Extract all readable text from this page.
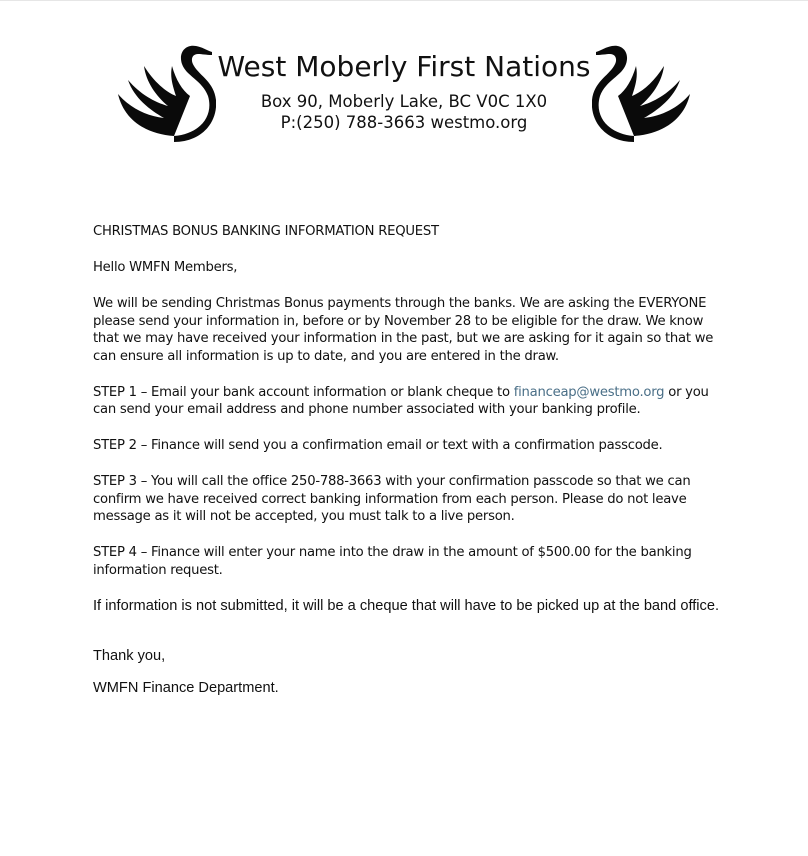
West Moberly First Nations
Box 90, Moberly Lake, BC V0C 1X0
P:(250) 788-3663 westmo.org

CHRISTMAS BONUS BANKING INFORMATION REQUEST

Hello WMFN Members,

We will be sending Christmas Bonus payments through the banks. We are asking the EVERYONE please send your information in, before or by November 28 to be eligible for the draw. We know that we may have received your information in the past, but we are asking for it again so that we can ensure all information is up to date, and you are entered in the draw.

STEP 1 – Email your bank account information or blank cheque to financeap@westmo.org or you can send your email address and phone number associated with your banking profile.

STEP 2 – Finance will send you a confirmation email or text with a confirmation passcode.

STEP 3 – You will call the office 250-788-3663 with your confirmation passcode so that we can confirm we have received correct banking information from each person. Please do not leave message as it will not be accepted, you must talk to a live person.

STEP 4 – Finance will enter your name into the draw in the amount of $500.00 for the banking information request.

If information is not submitted, it will be a cheque that will have to be picked up at the band office.

Thank you,

WMFN Finance Department.
